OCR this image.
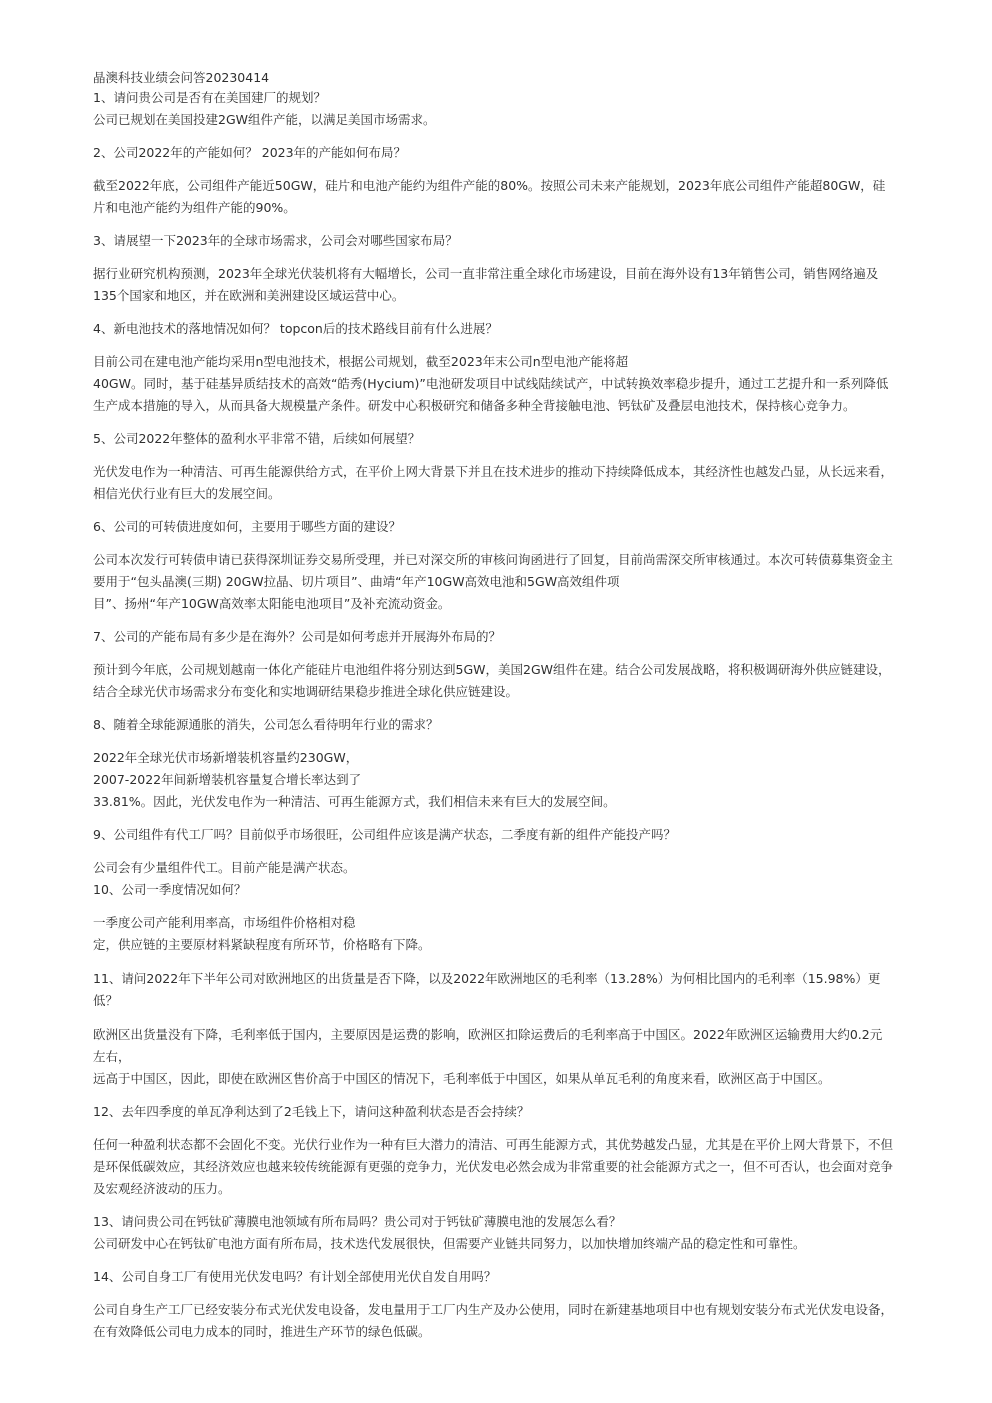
晶澳科技业绩会问答20230414

1、请问贵公司是否有在美国建厂的规划？

公司已规划在美国投建2GW组件产能，以满足美国市场需求。

2、公司2022年的产能如何？ 2023年的产能如何布局？

截至2022年底，公司组件产能近50GW，硅片和电池产能约为组件产能的80%。按照公司未来产能规划，2023年底公司组件产能超80GW，硅
片和电池产能约为组件产能的90%。

3、请展望一下2023年的全球市场需求，公司会对哪些国家布局？

据行业研究机构预测，2023年全球光伏装机将有大幅增长，公司一直非常注重全球化市场建设，目前在海外设有13年销售公司，销售网络遍及
135个国家和地区，并在欧洲和美洲建设区域运营中心。

4、新电池技术的落地情况如何？ topcon后的技术路线目前有什么进展？

目前公司在建电池产能均采用n型电池技术，根据公司规划，截至2023年末公司n型电池产能将超
40GW。同时，基于硅基异质结技术的高效“皓秀(Hycium)”电池研发项目中试线陆续试产，中试转换效率稳步提升，通过工艺提升和一系列降低
生产成本措施的导入，从而具备大规模量产条件。研发中心积极研究和储备多种全背接触电池、钙钛矿及叠层电池技术，保持核心竞争力。

5、公司2022年整体的盈利水平非常不错，后续如何展望？

光伏发电作为一种清洁、可再生能源供给方式，在平价上网大背景下并且在技术进步的推动下持续降低成本，其经济性也越发凸显，从长远来看，
相信光伏行业有巨大的发展空间。

6、公司的可转债进度如何，主要用于哪些方面的建设？

公司本次发行可转债申请已获得深圳证券交易所受理，并已对深交所的审核问询函进行了回复，目前尚需深交所审核通过。本次可转债募集资金主
要用于“包头晶澳(三期) 20GW拉晶、切片项目”、曲靖“年产10GW高效电池和5GW高效组件项
目”、扬州“年产10GW高效率太阳能电池项目”及补充流动资金。

7、公司的产能布局有多少是在海外？公司是如何考虑并开展海外布局的？

预计到今年底，公司规划越南一体化产能硅片电池组件将分别达到5GW，美国2GW组件在建。结合公司发展战略，将积极调研海外供应链建设，
结合全球光伏市场需求分布变化和实地调研结果稳步推进全球化供应链建设。

8、随着全球能源通胀的消失，公司怎么看待明年行业的需求？

2022年全球光伏市场新增装机容量约230GW，
2007-2022年间新增装机容量复合增长率达到了
33.81%。因此，光伏发电作为一种清洁、可再生能源方式，我们相信未来有巨大的发展空间。

9、公司组件有代工厂吗？目前似乎市场很旺，公司组件应该是满产状态，二季度有新的组件产能投产吗？

公司会有少量组件代工。目前产能是满产状态。

10、公司一季度情况如何？

一季度公司产能利用率高，市场组件价格相对稳
定，供应链的主要原材料紧缺程度有所环节，价格略有下降。

11、请问2022年下半年公司对欧洲地区的出货量是否下降，以及2022年欧洲地区的毛利率（13.28%）为何相比国内的毛利率（15.98%）更
低？

欧洲区出货量没有下降，毛利率低于国内，主要原因是运费的影响，欧洲区扣除运费后的毛利率高于中国区。2022年欧洲区运输费用大约0.2元
左右，
远高于中国区，因此，即使在欧洲区售价高于中国区的情况下，毛利率低于中国区，如果从单瓦毛利的角度来看，欧洲区高于中国区。

12、去年四季度的单瓦净利达到了2毛钱上下，请问这种盈利状态是否会持续？

任何一种盈利状态都不会固化不变。光伏行业作为一种有巨大潜力的清洁、可再生能源方式，其优势越发凸显，尤其是在平价上网大背景下，不但
是环保低碳效应，其经济效应也越来较传统能源有更强的竞争力，光伏发电必然会成为非常重要的社会能源方式之一，但不可否认，也会面对竞争
及宏观经济波动的压力。

13、请问贵公司在钙钛矿薄膜电池领域有所布局吗？贵公司对于钙钛矿薄膜电池的发展怎么看？

公司研发中心在钙钛矿电池方面有所布局，技术迭代发展很快，但需要产业链共同努力，以加快增加终端产品的稳定性和可靠性。

14、公司自身工厂有使用光伏发电吗？有计划全部使用光伏自发自用吗？

公司自身生产工厂已经安装分布式光伏发电设备，发电量用于工厂内生产及办公使用，同时在新建基地项目中也有规划安装分布式光伏发电设备，
在有效降低公司电力成本的同时，推进生产环节的绿色低碳。
